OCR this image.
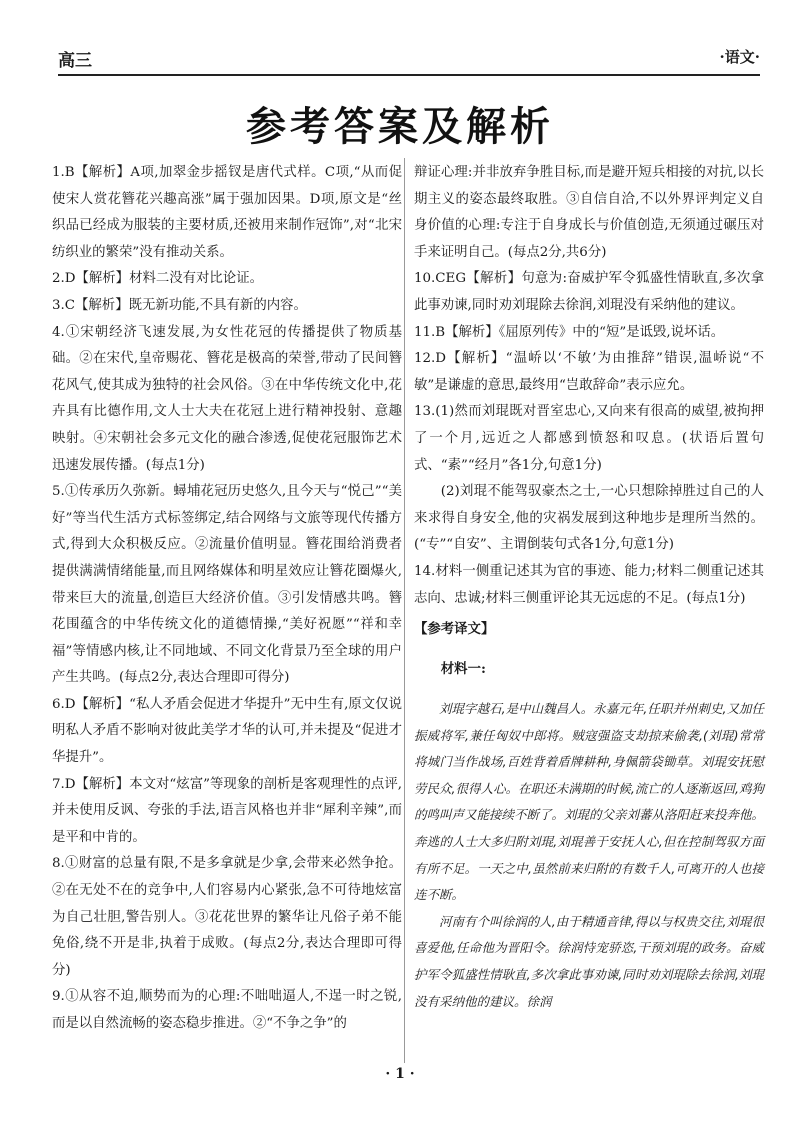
高三	·语文·
参考答案及解析

1.B【解析】A项,加翠金步摇钗是唐代式样。C项,“从而促使宋人赏花簪花兴趣高涨”属于强加因果。D项,原文是“丝织品已经成为服装的主要材质,还被用来制作冠饰”,对“北宋纺织业的繁荣”没有推动关系。

2.D【解析】材料二没有对比论证。

3.C【解析】既无新功能,不具有新的内容。

4.①宋朝经济飞速发展,为女性花冠的传播提供了物质基础。②在宋代,皇帝赐花、簪花是极高的荣誉,带动了民间簪花风气,使其成为独特的社会风俗。③在中华传统文化中,花卉具有比德作用,文人士大夫在花冠上进行精神投射、意趣映射。④宋朝社会多元文化的融合渗透,促使花冠服饰艺术迅速发展传播。(每点1分)

5.①传承历久弥新。蟳埔花冠历史悠久,且今天与“悦己”“美好”等当代生活方式标签绑定,结合网络与文旅等现代传播方式,得到大众积极反应。②流量价值明显。簪花围给消费者提供满满情绪能量,而且网络媒体和明星效应让簪花圈爆火,带来巨大的流量,创造巨大经济价值。③引发情感共鸣。簪花围蕴含的中华传统文化的道德情操,“美好祝愿”“祥和幸福”等情感内核,让不同地域、不同文化背景乃至全球的用户产生共鸣。(每点2分,表达合理即可得分)

6.D【解析】“私人矛盾会促进才华提升”无中生有,原文仅说明私人矛盾不影响对彼此美学才华的认可,并未提及“促进才华提升”。

7.D【解析】本文对“炫富”等现象的剖析是客观理性的点评,并未使用反讽、夸张的手法,语言风格也并非“犀利辛辣”,而是平和中肯的。

8.①财富的总量有限,不是多拿就是少拿,会带来必然争抢。②在无处不在的竞争中,人们容易内心紧张,急不可待地炫富为自己壮胆,警告别人。③花花世界的繁华让凡俗子弟不能免俗,绕不开是非,执着于成败。(每点2分,表达合理即可得分)

9.①从容不迫,顺势而为的心理:不咄咄逼人,不逞一时之锐,而是以自然流畅的姿态稳步推进。②“不争之争”的

辩证心理:并非放弃争胜目标,而是避开短兵相接的对抗,以长期主义的姿态最终取胜。③自信自洽,不以外界评判定义自身价值的心理:专注于自身成长与价值创造,无须通过碾压对手来证明自己。(每点2分,共6分)

10.CEG【解析】句意为:奋威护军令狐盛性情耿直,多次拿此事劝谏,同时劝刘琨除去徐润,刘琨没有采纳他的建议。

11.B【解析】《屈原列传》中的“短”是诋毁,说坏话。

12.D【解析】“温峤以‘不敏’为由推辞”错误,温峤说“不敏”是谦虚的意思,最终用“岂敢辞命”表示应允。

13.(1)然而刘琨既对晋室忠心,又向来有很高的威望,被拘押了一个月,远近之人都感到愤怒和叹息。(状语后置句式、“素”“经月”各1分,句意1分)

(2)刘琨不能驾驭豪杰之士,一心只想除掉胜过自己的人来求得自身安全,他的灾祸发展到这种地步是理所当然的。(“专”“自安”、主谓倒装句式各1分,句意1分)

14.材料一侧重记述其为官的事迹、能力;材料二侧重记述其志向、忠诚;材料三侧重评论其无远虑的不足。(每点1分)

【参考译文】

材料一:

刘琨字越石,是中山魏昌人。永嘉元年,任职并州刺史,又加任振威将军,兼任匈奴中郎将。贼寇强盗支劫掠来偷袭,(刘琨)常常将城门当作战场,百姓背着盾牌耕种,身佩箭袋锄草。刘琨安抚慰劳民众,很得人心。在职还未满期的时候,流亡的人逐渐返回,鸡狗的鸣叫声又能接续不断了。刘琨的父亲刘蕃从洛阳赶来投奔他。奔逃的人士大多归附刘琨,刘琨善于安抚人心,但在控制驾驭方面有所不足。一天之中,虽然前来归附的有数千人,可离开的人也接连不断。

河南有个叫徐润的人,由于精通音律,得以与权贵交往,刘琨很喜爱他,任命他为晋阳令。徐润恃宠骄恣,干预刘琨的政务。奋威护军令狐盛性情耿直,多次拿此事劝谏,同时劝刘琨除去徐润,刘琨没有采纳他的建议。徐润

· 1 ·
